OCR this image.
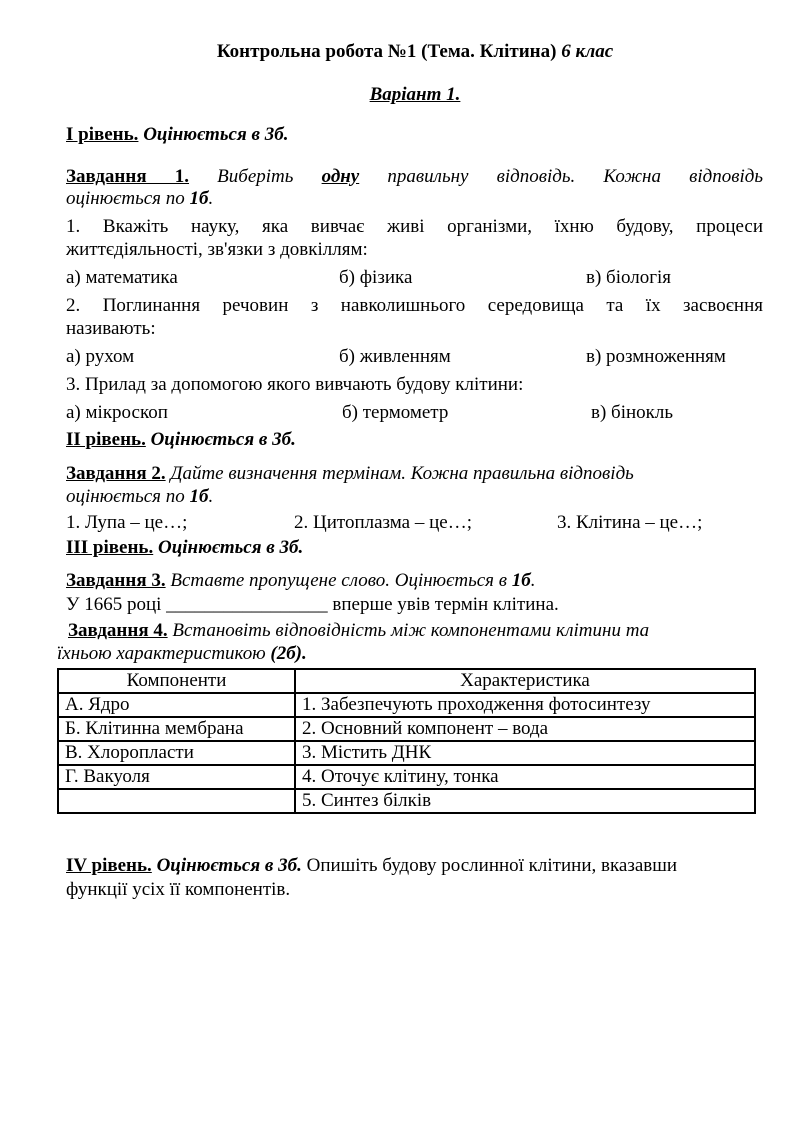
Контрольна робота №1 (Тема. Клітина) 6 клас
Варіант 1.
І рівень. Оцінюється в 3б.
Завдання 1. Виберіть одну правильну відповідь. Кожна відповідь
оцінюється по 1б.
1. Вкажіть науку, яка вивчає живі організми, їхню будову, процеси
життєдіяльності, зв'язки з довкіллям:
а) математика	б) фізика	в) біологія
2. Поглинання речовин з навколишнього середовища та їх засвоєння
називають:
а) рухом	б) живленням	в) розмноженням
3. Прилад за допомогою якого вивчають будову клітини:
а) мікроскоп	б) термометр	в) бінокль
ІІ рівень. Оцінюється в 3б.
Завдання 2. Дайте визначення термінам. Кожна правильна відповідь
оцінюється по 1б.
1. Лупа – це…;	2. Цитоплазма – це…;	3. Клітина – це…;
ІІІ рівень. Оцінюється в 3б.
Завдання 3. Вставте пропущене слово. Оцінюється в 1б.
У 1665 році _________________ вперше увів термін клітина.
Завдання 4. Встановіть відповідність між компонентами клітини та
їхньою характеристикою (2б).
Компоненти	Характеристика
А. Ядро	1. Забезпечують проходження фотосинтезу
Б. Клітинна мембрана	2. Основний компонент – вода
В. Хлоропласти	3. Містить ДНК
Г. Вакуоля	4. Оточує клітину, тонка
	5. Синтез білків
IV рівень. Оцінюється в 3б. Опишіть будову рослинної клітини, вказавши
функції усіх її компонентів.
